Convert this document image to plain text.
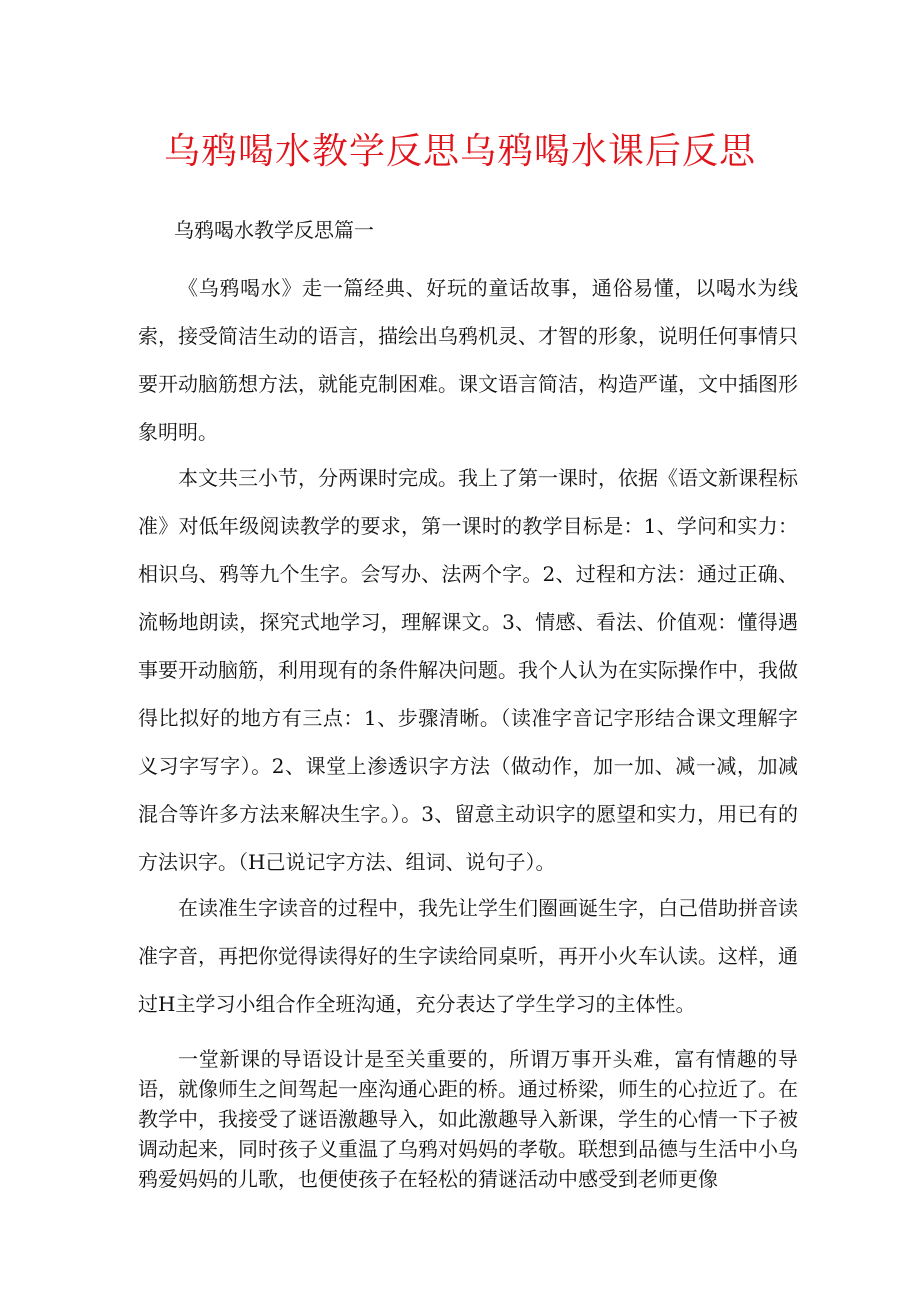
乌鸦喝水教学反思乌鸦喝水课后反思

乌鸦喝水教学反思篇一

《乌鸦喝水》走一篇经典、好玩的童话故事，通俗易懂，以喝水为线索，接受简洁生动的语言，描绘出乌鸦机灵、才智的形象，说明任何事情只要开动脑筋想方法，就能克制困难。课文语言简洁，构造严谨，文中插图形象明明。

本文共三小节，分两课时完成。我上了第一课时，依据《语文新课程标准》对低年级阅读教学的要求，第一课时的教学目标是：1、学问和实力：相识乌、鸦等九个生字。会写办、法两个字。2、过程和方法：通过正确、流畅地朗读，探究式地学习，理解课文。3、情感、看法、价值观：懂得遇事要开动脑筋，利用现有的条件解决问题。我个人认为在实际操作中，我做得比拟好的地方有三点：1、步骤清晰。（读准字音记字形结合课文理解字义习字写字）。2、课堂上渗透识字方法（做动作，加一加、减一减，加减混合等许多方法来解决生字。）。3、留意主动识字的愿望和实力，用已有的方法识字。（H己说记字方法、组词、说句子）。

在读准生字读音的过程中，我先让学生们圈画诞生字，白己借助拼音读准字音，再把你觉得读得好的生字读给同桌听，再开小火车认读。这样，通过H主学习小组合作全班沟通，充分表达了学生学习的主体性。

一堂新课的导语设计是至关重要的，所谓万事开头难，富有情趣的导语，就像师生之间驾起一座沟通心距的桥。通过桥梁，师生的心拉近了。在教学中，我接受了谜语激趣导入，如此激趣导入新课，学生的心情一下子被调动起来，同时孩子义重温了乌鸦对妈妈的孝敬。联想到品德与生活中小乌鸦爱妈妈的儿歌，也便使孩子在轻松的猜谜活动中感受到老师更像
